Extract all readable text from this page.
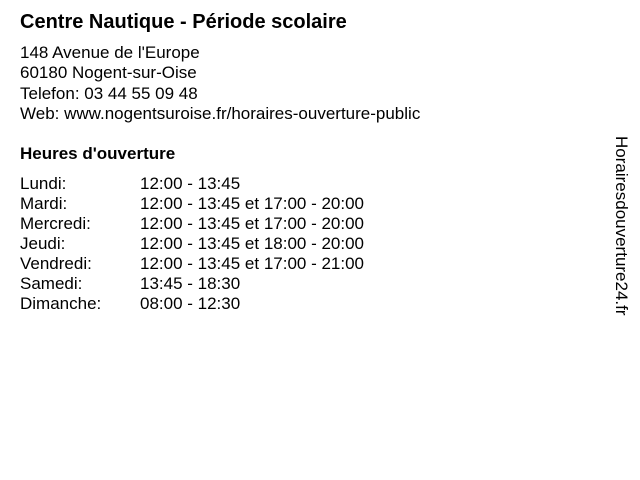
Centre Nautique - Période scolaire
148 Avenue de l'Europe
60180 Nogent-sur-Oise
Telefon: 03 44 55 09 48
Web: www.nogentsuroise.fr/horaires-ouverture-public
Heures d'ouverture
Lundi:	12:00 - 13:45
Mardi:	12:00 - 13:45 et 17:00 - 20:00
Mercredi:	12:00 - 13:45 et 17:00 - 20:00
Jeudi:	12:00 - 13:45 et 18:00 - 20:00
Vendredi:	12:00 - 13:45 et 17:00 - 21:00
Samedi:	13:45 - 18:30
Dimanche: 08:00 - 12:30	Horairesdouverture24.fr
